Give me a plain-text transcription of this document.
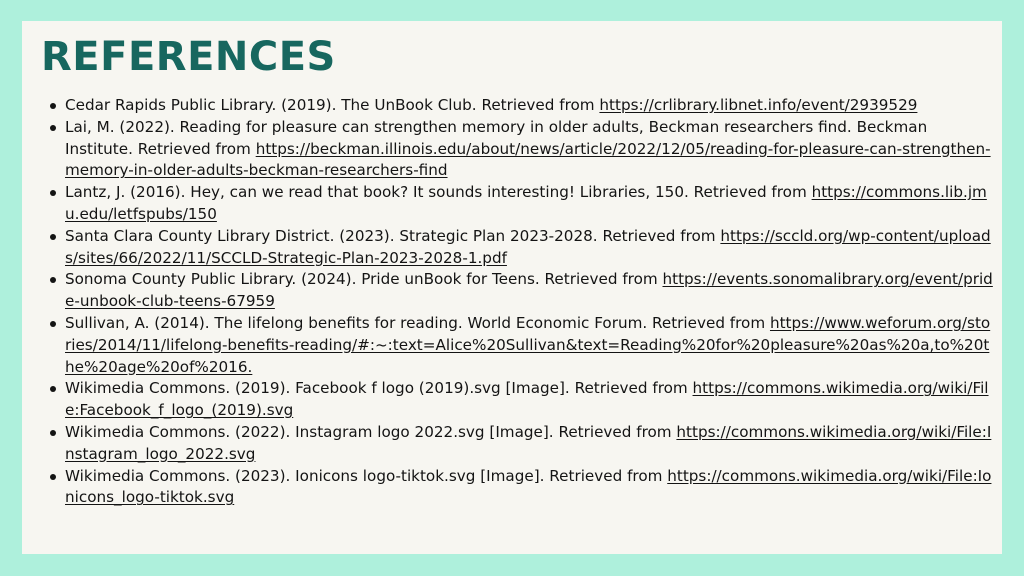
REFERENCES
Cedar Rapids Public Library. (2019). The UnBook Club. Retrieved from https://crlibrary.libnet.info/event/2939529
Lai, M. (2022). Reading for pleasure can strengthen memory in older adults, Beckman researchers find. Beckman Institute. Retrieved from https://beckman.illinois.edu/about/news/article/2022/12/05/reading-for-pleasure-can-strengthen-memory-in-older-adults-beckman-researchers-find
Lantz, J. (2016). Hey, can we read that book? It sounds interesting! Libraries, 150. Retrieved from https://commons.lib.jmu.edu/letfspubs/150
Santa Clara County Library District. (2023). Strategic Plan 2023-2028. Retrieved from https://sccld.org/wp-content/uploads/sites/66/2022/11/SCCLD-Strategic-Plan-2023-2028-1.pdf
Sonoma County Public Library. (2024). Pride unBook for Teens. Retrieved from https://events.sonomalibrary.org/event/pride-unbook-club-teens-67959
Sullivan, A. (2014). The lifelong benefits for reading. World Economic Forum. Retrieved from https://www.weforum.org/stories/2014/11/lifelong-benefits-reading/#:~:text=Alice%20Sullivan&text=Reading%20for%20pleasure%20as%20a,to%20the%20age%20of%2016.
Wikimedia Commons. (2019). Facebook f logo (2019).svg [Image]. Retrieved from https://commons.wikimedia.org/wiki/File:Facebook_f_logo_(2019).svg
Wikimedia Commons. (2022). Instagram logo 2022.svg [Image]. Retrieved from https://commons.wikimedia.org/wiki/File:Instagram_logo_2022.svg
Wikimedia Commons. (2023). Ionicons logo-tiktok.svg [Image]. Retrieved from https://commons.wikimedia.org/wiki/File:Ionicons_logo-tiktok.svg
